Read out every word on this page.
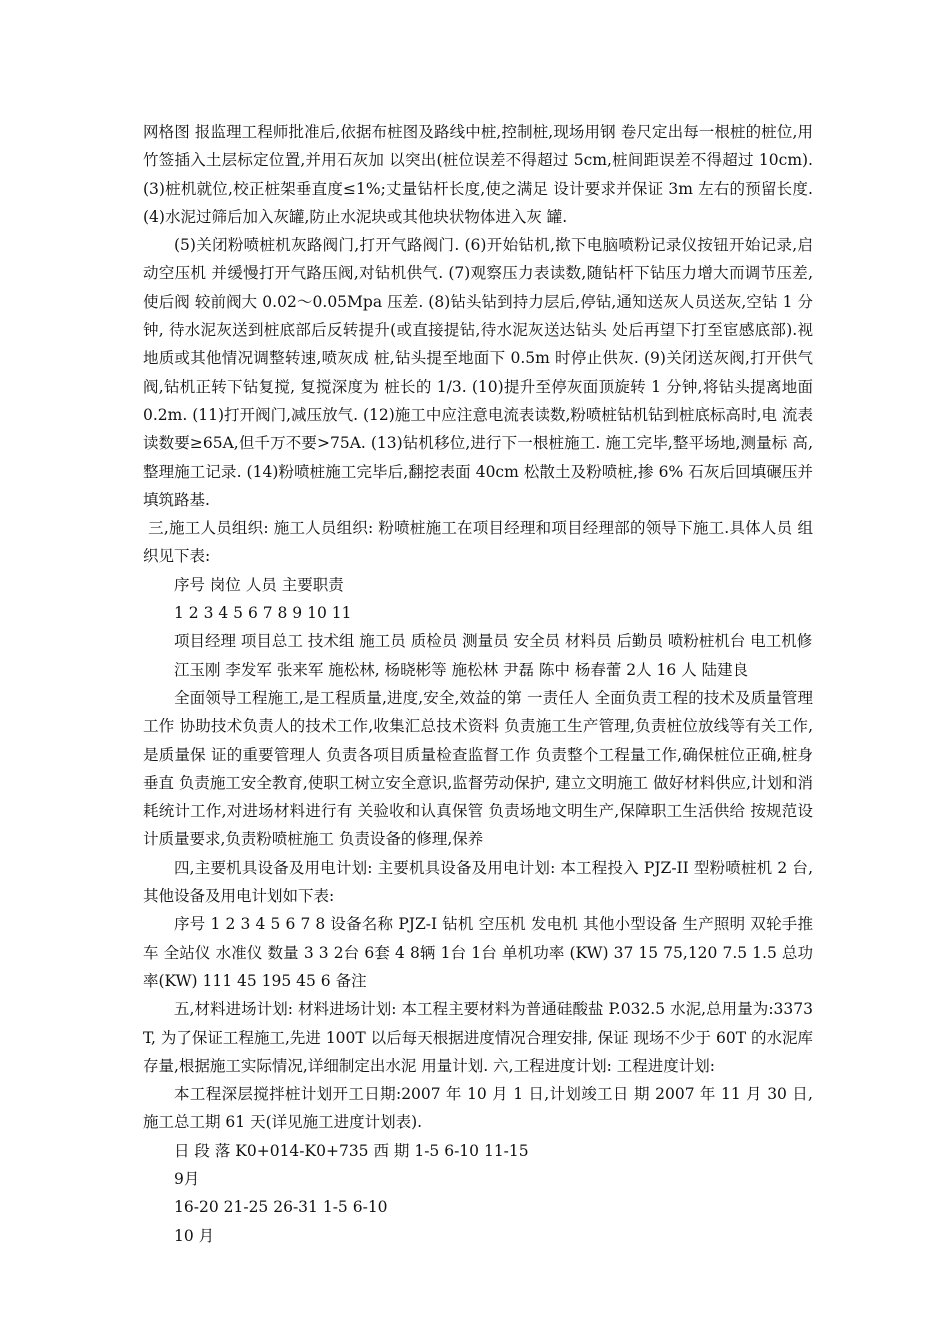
网格图 报监理工程师批准后,依据布桩图及路线中桩,控制桩,现场用钢 卷尺定出每一根桩的桩位,用竹签插入土层标定位置,并用石灰加 以突出(桩位误差不得超过 5cm,桩间距误差不得超过 10cm). (3)桩机就位,校正桩架垂直度≤1%;丈量钻杆长度,使之满足 设计要求并保证 3m 左右的预留长度. (4)水泥过筛后加入灰罐,防止水泥块或其他块状物体进入灰 罐.

(5)关闭粉喷桩机灰路阀门,打开气路阀门. (6)开始钻机,揿下电脑喷粉记录仪按钮开始记录,启动空压机 并缓慢打开气路压阀,对钻机供气. (7)观察压力表读数,随钻杆下钻压力增大而调节压差,使后阀 较前阀大 0.02～0.05Mpa 压差. (8)钻头钻到持力层后,停钻,通知送灰人员送灰,空钻 1 分钟, 待水泥灰送到桩底部后反转提升(或直接提钻,待水泥灰送达钻头 处后再望下打至宦感底部).视地质或其他情况调整转速,喷灰成 桩,钻头提至地面下 0.5m 时停止供灰. (9)关闭送灰阀,打开供气阀,钻机正转下钻复搅, 复搅深度为 桩长的 1/3. (10)提升至停灰面顶旋转 1 分钟,将钻头提离地面 0.2m. (11)打开阀门,减压放气. (12)施工中应注意电流表读数,粉喷桩钻机钻到桩底标高时,电 流表读数要≥65A,但千万不要>75A. (13)钻机移位,进行下一根桩施工. 施工完毕,整平场地,测量标 高,整理施工记录. (14)粉喷桩施工完毕后,翻挖表面 40cm 松散土及粉喷桩,掺 6% 石灰后回填碾压并填筑路基.

三,施工人员组织: 施工人员组织: 粉喷桩施工在项目经理和项目经理部的领导下施工.具体人员 组织见下表:

序号 岗位 人员 主要职责

1 2 3 4 5 6 7 8 9 10 11

项目经理 项目总工 技术组 施工员 质检员 测量员 安全员 材料员 后勤员 喷粉桩机台 电工机修

江玉刚 李发军 张来军 施松林, 杨晓彬等 施松林 尹磊 陈中 杨春蕾 2人 16 人 陆建良

全面领导工程施工,是工程质量,进度,安全,效益的第 一责任人 全面负责工程的技术及质量管理工作 协助技术负责人的技术工作,收集汇总技术资料 负责施工生产管理,负责桩位放线等有关工作,是质量保 证的重要管理人 负责各项目质量检查监督工作 负责整个工程量工作,确保桩位正确,桩身垂直 负责施工安全教育,使职工树立安全意识,监督劳动保护, 建立文明施工 做好材料供应,计划和消耗统计工作,对进场材料进行有 关验收和认真保管 负责场地文明生产,保障职工生活供给 按规范设计质量要求,负责粉喷桩施工 负责设备的修理,保养

四,主要机具设备及用电计划: 主要机具设备及用电计划: 本工程投入 PJZ-II 型粉喷桩机 2 台,其他设备及用电计划如下表:

序号 1 2 3 4 5 6 7 8 设备名称 PJZ-I 钻机 空压机 发电机 其他小型设备 生产照明 双轮手推车 全站仪 水准仪 数量 3 3 2台 6套 4 8辆 1台 1台 单机功率 (KW) 37 15 75,120 7.5 1.5 总功率(KW) 111 45 195 45 6 备注

五,材料进场计划: 材料进场计划: 本工程主要材料为普通硅酸盐 P.032.5 水泥,总用量为:3373T, 为了保证工程施工,先进 100T 以后每天根据进度情况合理安排, 保证 现场不少于 60T 的水泥库存量,根据施工实际情况,详细制定出水泥 用量计划. 六,工程进度计划: 工程进度计划:

本工程深层搅拌桩计划开工日期:2007 年 10 月 1 日,计划竣工日 期 2007 年 11 月 30 日,施工总工期 61 天(详见施工进度计划表).

日 段 落 K0+014-K0+735 西 期 1-5 6-10 11-15

9月

16-20 21-25 26-31 1-5 6-10

10 月
